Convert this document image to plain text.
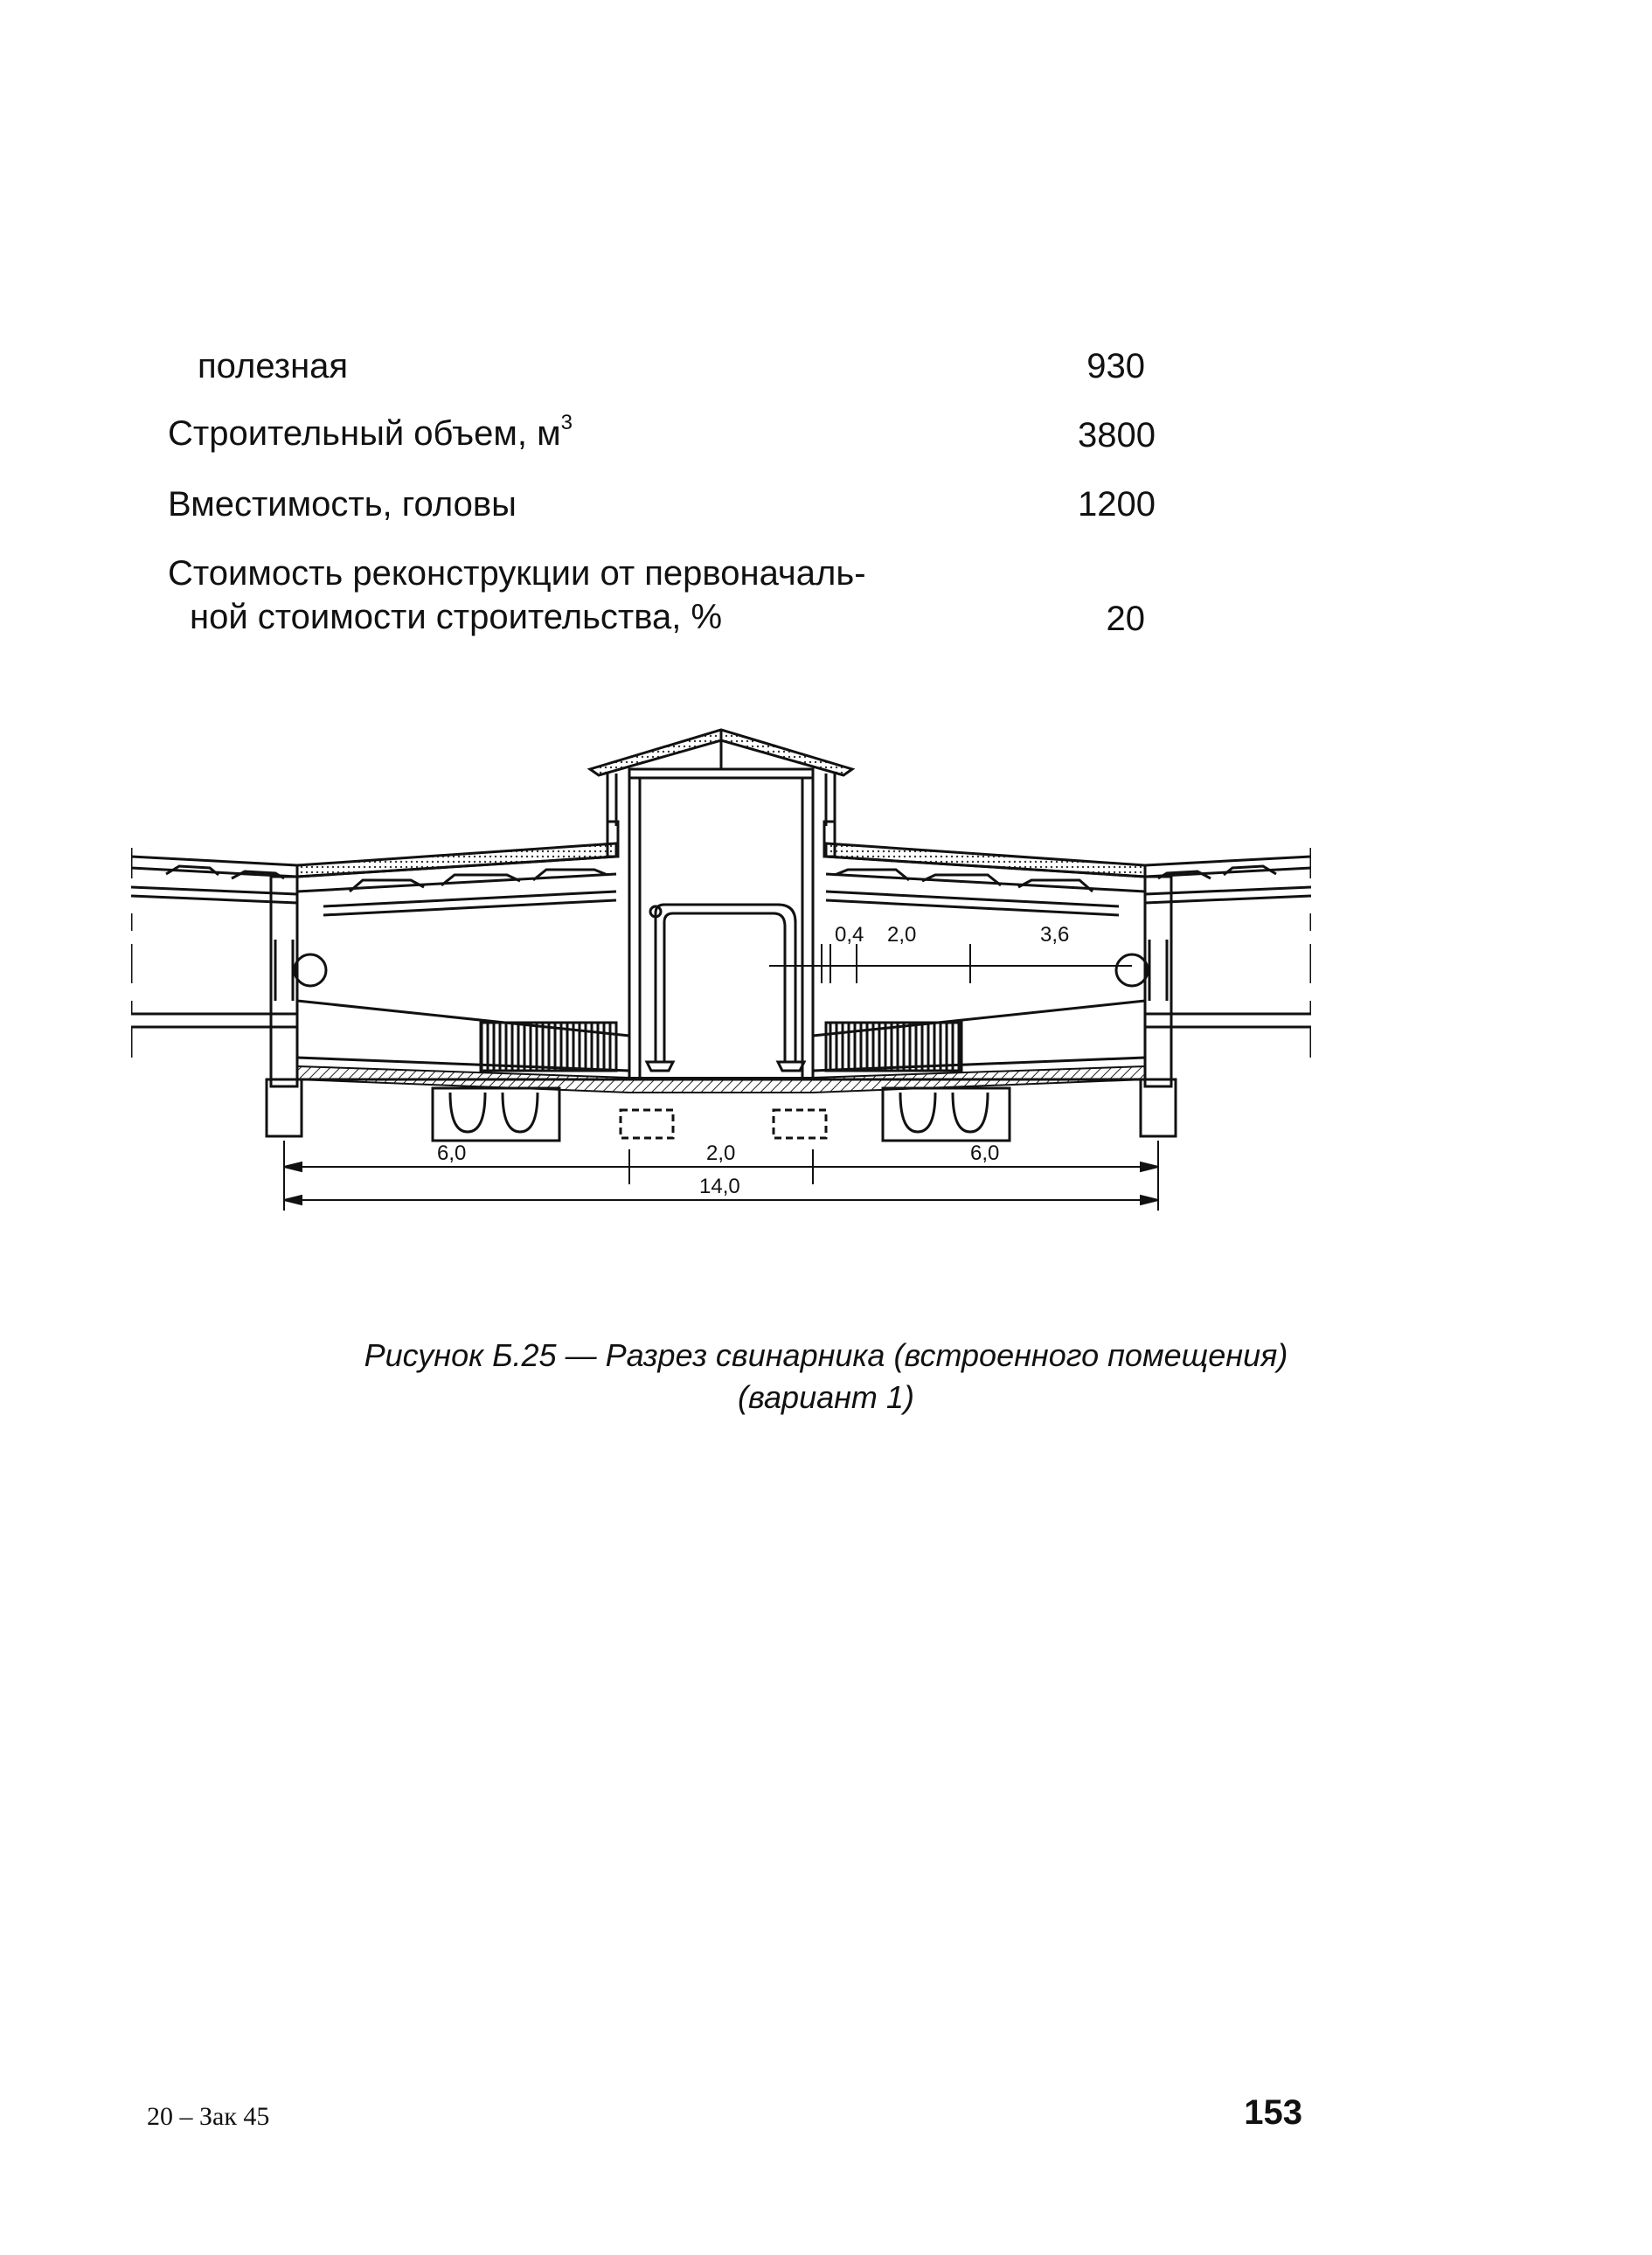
полезная	930
Строительный объем, $м^3$	3800
Вместимость, головы	1200
Стоимость реконструкции от первоначаль-
ной стоимости строительства, %	20
0,4 2,0	3,6
6,0	2,0	6,0
14,0
Рисунок Б.25 — Разрез свинарника (встроенного помещения)
(вариант 1)
20 – Зак 45	153
